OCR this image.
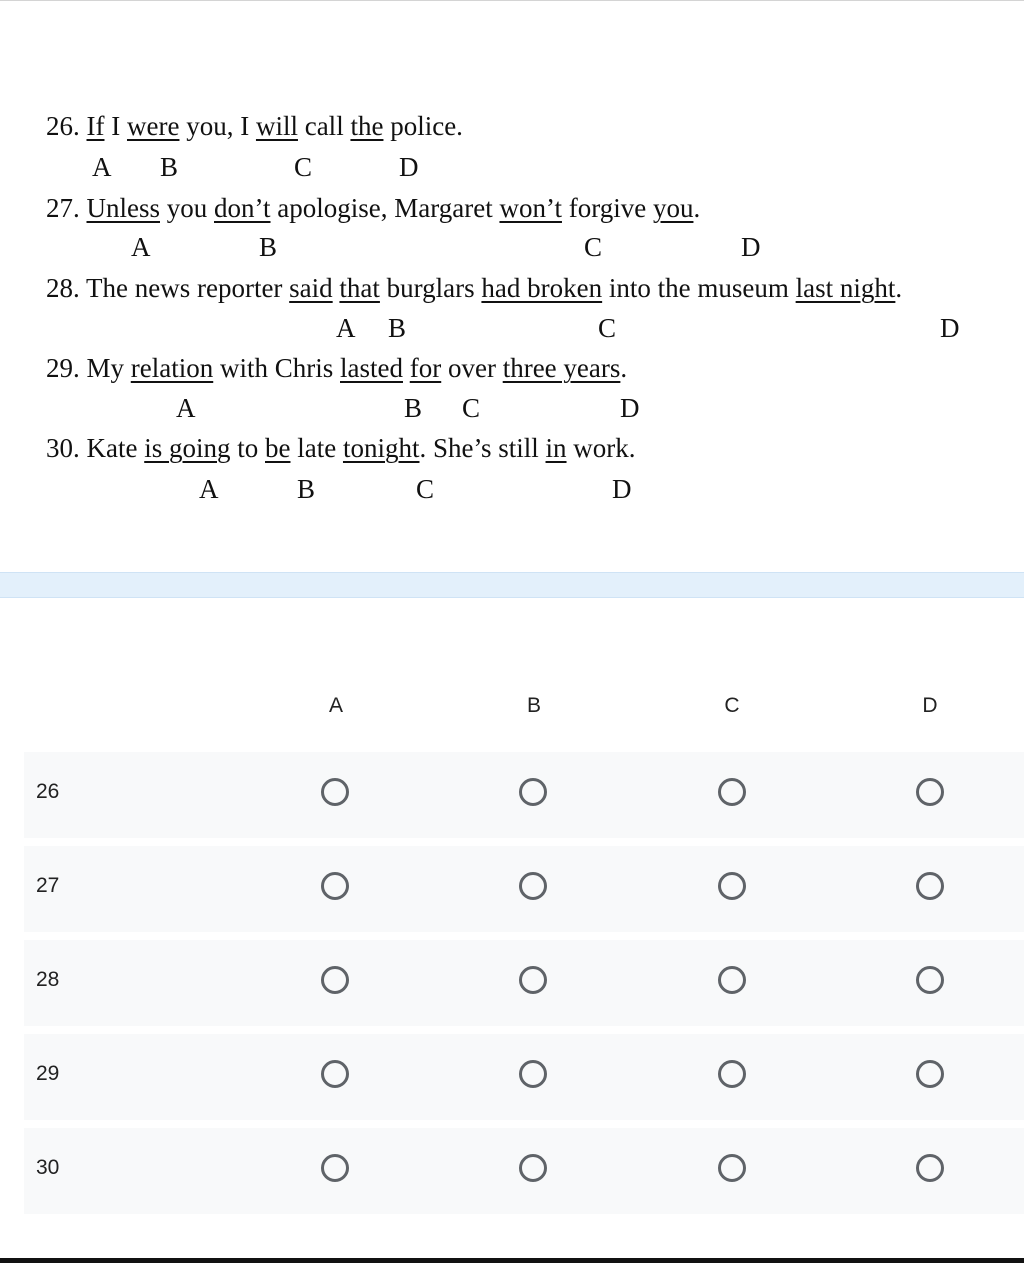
26. If I were you, I will call the police.
A B	C	D
27. Unless you don’t apologise, Margaret won’t forgive you.
A	B	C	D
28. The news reporter said that burglars had broken into the museum last night.
A B	C	D
29. My relation with Chris lasted for over three years.
A	B C	D
30. Kate is going to be late tonight. She’s still in work.
A	B	C	D
A	B	C	D
26
27
28
29
30
